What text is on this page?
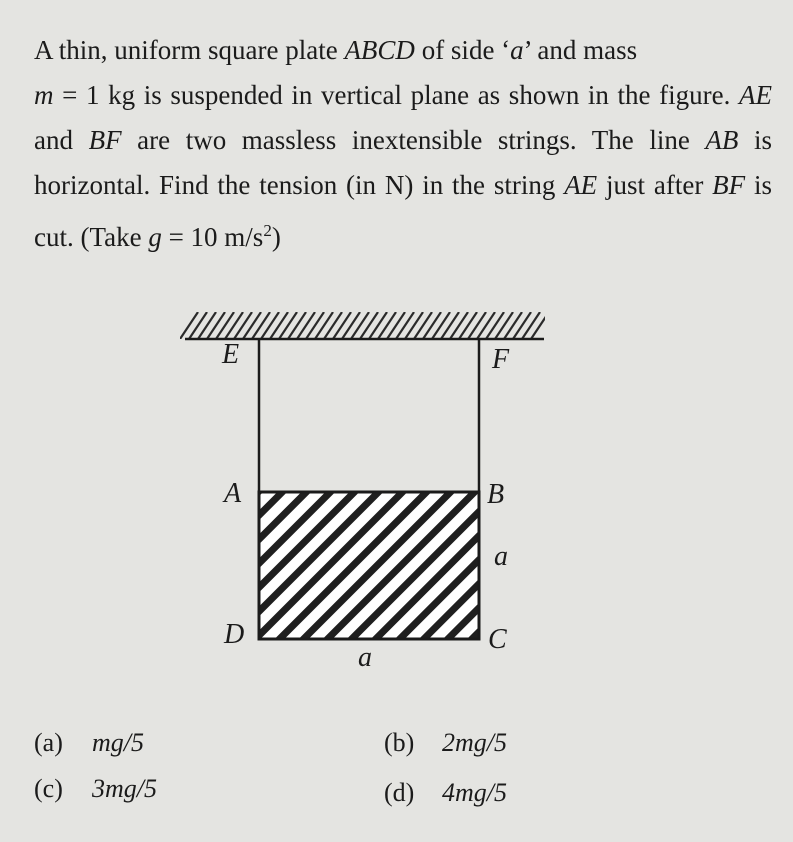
A thin, uniform square plate ABCD of side ‘a’ and mass
m = 1 kg is suspended in vertical plane as shown in the figure. AE and BF are two massless inextensible strings. The line AB is horizontal. Find the tension (in N) in the string AE just after BF is cut. (Take g = 10 $m/s^2$)

E	F
A	B
a
D	C
a

(a) mg/5	(b) 2mg/5

(c) 3mg/5	(d) 4mg/5
